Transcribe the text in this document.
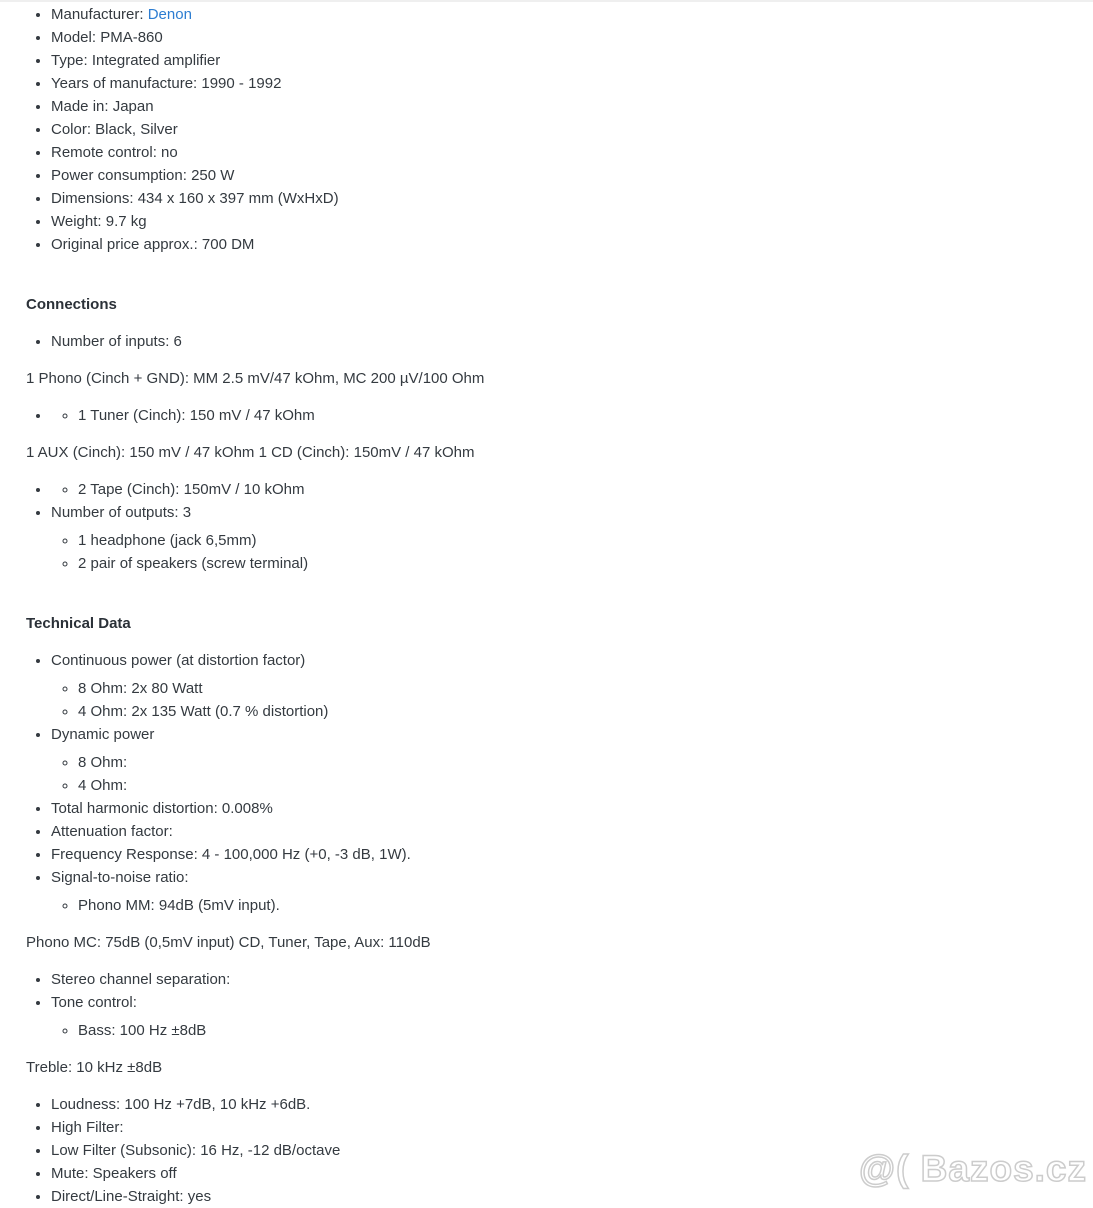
• Manufacturer: Denon
• Model: PMA-860
• Type: Integrated amplifier
• Years of manufacture: 1990 - 1992
• Made in: Japan
• Color: Black, Silver
• Remote control: no
• Power consumption: 250 W
• Dimensions: 434 x 160 x 397 mm (WxHxD)
• Weight: 9.7 kg
• Original price approx.: 700 DM
Connections
• Number of inputs: 6

1 Phono (Cinch + GND): MM 2.5 mV/47 kOhm, MC 200 µV/100 Ohm

◦ • 1 Tuner (Cinch): 150 mV / 47 kOhm

1 AUX (Cinch): 150 mV / 47 kOhm 1 CD (Cinch): 150mV / 47 kOhm

◦ • 2 Tape (Cinch): 150mV / 10 kOhm
• Number of outputs: 3
◦ 1 headphone (jack 6,5mm)
◦ 2 pair of speakers (screw terminal)
Technical Data
• Continuous power (at distortion factor)
◦ 8 Ohm: 2x 80 Watt
◦ 4 Ohm: 2x 135 Watt (0.7 % distortion)
• Dynamic power
◦ 8 Ohm:
◦ 4 Ohm:
• Total harmonic distortion: 0.008%
• Attenuation factor:
• Frequency Response: 4 - 100,000 Hz (+0, -3 dB, 1W).
• Signal-to-noise ratio:
◦ Phono MM: 94dB (5mV input).

Phono MC: 75dB (0,5mV input) CD, Tuner, Tape, Aux: 110dB

• Stereo channel separation:
• Tone control:
◦ Bass: 100 Hz ±8dB

Treble: 10 kHz ±8dB

• Loudness: 100 Hz +7dB, 10 kHz +6dB.
• High Filter:
• Low Filter (Subsonic): 16 Hz, -12 dB/octave
• Mute: Speakers off
• Direct/Line-Straight: yes
@( Bazos.cz
